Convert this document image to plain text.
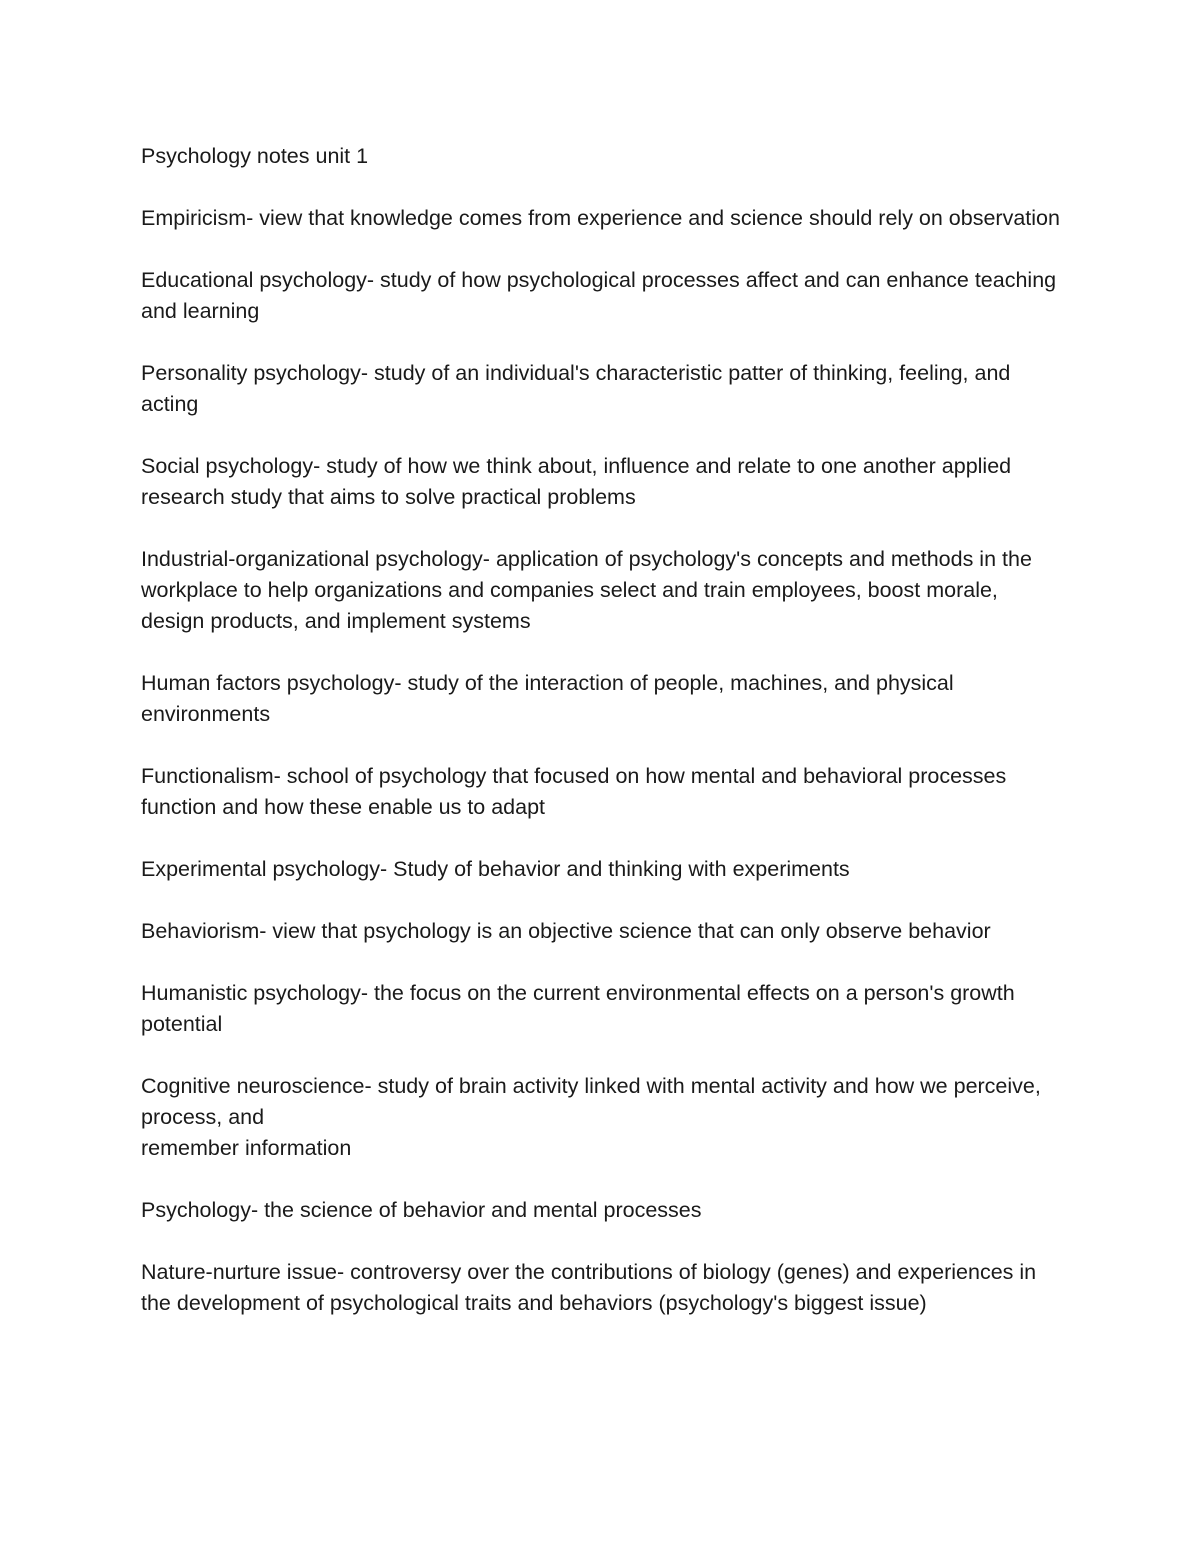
Psychology notes unit 1

Empiricism- view that knowledge comes from experience and science should rely on observation

Educational psychology- study of how psychological processes affect and can enhance teaching and learning

Personality psychology- study of an individual's characteristic patter of thinking, feeling, and acting

Social psychology- study of how we think about, influence and relate to one another applied research study that aims to solve practical problems

Industrial-organizational psychology- application of psychology's concepts and methods in the workplace to help organizations and companies select and train employees, boost morale, design products, and implement systems

Human factors psychology- study of the interaction of people, machines, and physical environments

Functionalism- school of psychology that focused on how mental and behavioral processes function and how these enable us to adapt

Experimental psychology- Study of behavior and thinking with experiments

Behaviorism- view that psychology is an objective science that can only observe behavior

Humanistic psychology- the focus on the current environmental effects on a person's growth potential

Cognitive neuroscience- study of brain activity linked with mental activity and how we perceive, process, and
remember information

Psychology- the science of behavior and mental processes

Nature-nurture issue- controversy over the contributions of biology (genes) and experiences in the development of psychological traits and behaviors (psychology's biggest issue)
